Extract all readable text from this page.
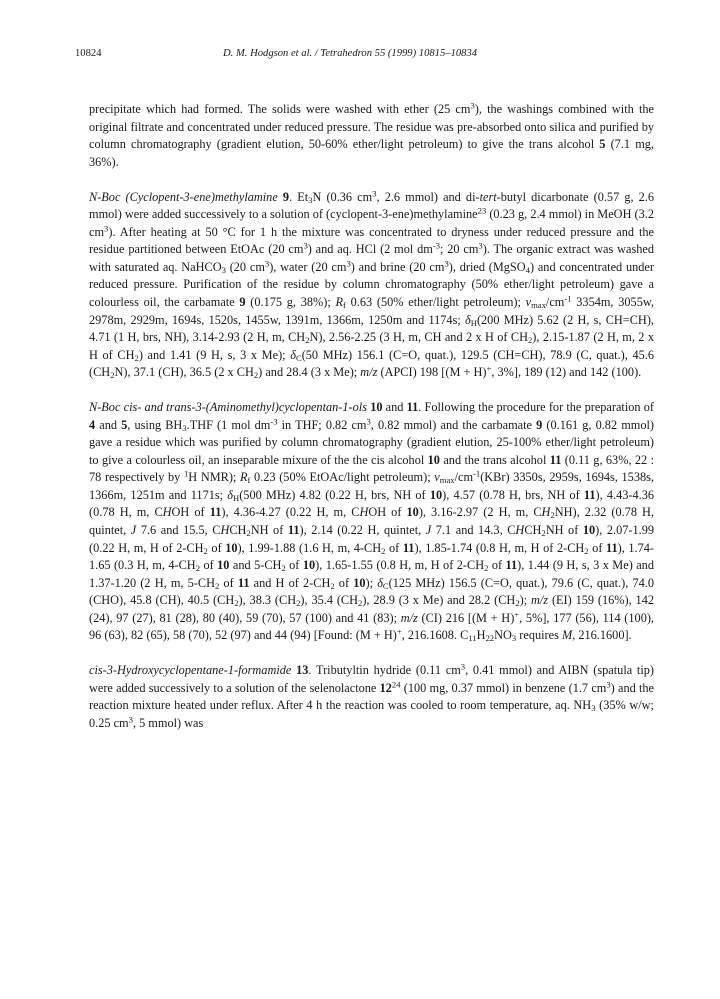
10824	D. M. Hodgson et al. / Tetrahedron 55 (1999) 10815–10834

precipitate which had formed. The solids were washed with ether (25 $cm^3$), the washings combined with the original filtrate and concentrated under reduced pressure. The residue was pre-absorbed onto silica and purified by column chromatography (gradient elution, 50-60% ether/light petroleum) to give the trans alcohol 5 (7.1 mg, 36%).

N-Boc (Cyclopent-3-ene)methylamine 9. $Et_3N$ (0.36 $cm^3$, 2.6 mmol) and di-tert-butyl dicarbonate (0.57 g, 2.6 mmol) were added successively to a solution of (cyclopent-3-ene)methylamine$^{23}$ (0.23 g, 2.4 mmol) in MeOH (3.2 $cm^3$). After heating at 50 °C for 1 h the mixture was concentrated to dryness under reduced pressure and the residue partitioned between EtOAc (20 $cm^3$) and aq. HCl (2 mol $dm^{-3}$; 20 $cm^3$). The organic extract was washed with saturated aq. NaHCO$_3$ (20 $cm^3$), water (20 $cm^3$) and brine (20 $cm^3$), dried (MgSO$_4$) and concentrated under reduced pressure. Purification of the residue by column chromatography (50% ether/light petroleum) gave a colourless oil, the carbamate 9 (0.175 g, 38%); $R_f$ 0.63 (50% ether/light petroleum); $\nu_{max}/cm^{-1}$ 3354m, 3055w, 2978m, 2929m, 1694s, 1520s, 1455w, 1391m, 1366m, 1250m and 1174s; $\delta_H(200$ MHz) 5.62 (2 H, s, CH=CH), 4.71 (1 H, brs, NH), 3.14-2.93 (2 H, m, $CH_2N$), 2.56-2.25 (3 H, m, CH and 2 x H of $CH_2$), 2.15-1.87 (2 H, m, 2 x H of $CH_2$) and 1.41 (9 H, s, 3 x Me); $\delta_C(50$ MHz) 156.1 (C=O, quat.), 129.5 (CH=CH), 78.9 (C, quat.), 45.6 $(CH_2N)$, 37.1 (CH), 36.5 (2 x $CH_2$) and 28.4 (3 x Me); m/z (APCI) 198 [(M + H)+, 3%], 189 (12) and 142 (100).

N-Boc cis- and trans-3-(Aminomethyl)cyclopentan-1-ols 10 and 11. Following the procedure for the preparation of 4 and 5, using $BH_3.THF$ (1 mol $dm^{-3}$ in THF; 0.82 $cm^3$, 0.82 mmol) and the carbamate 9 (0.161 g, 0.82 mmol) gave a residue which was purified by column chromatography (gradient elution, 25-100% ether/light petroleum) to give a colourless oil, an inseparable mixure of the the cis alcohol 10 and the trans alcohol 11 (0.11 g, 63%, 22 : 78 respectively by $^1$H NMR); $R_f$ 0.23 (50% EtOAc/light petroleum); $\nu_{max}/cm^{-1}(KBr)$ 3350s, 2959s, 1694s, 1538s, 1366m, 1251m and 1171s; $\delta_H(500$ MHz) 4.82 (0.22 H, brs, NH of 10), 4.57 (0.78 H, brs, NH of 11), 4.43-4.36 (0.78 H, m, CHOH of 11), 4.36-4.27 (0.22 H, m, CHOH of 10), 3.16-2.97 (2 H, m, $CH_2NH$), 2.32 (0.78 H, quintet, J 7.6 and 15.5, $CHCH_2NH$ of 11), 2.14 (0.22 H, quintet, J 7.1 and 14.3, $CHCH_2NH$ of 10), 2.07-1.99 (0.22 H, m, H of $2-CH_2$ of 10), 1.99-1.88 (1.6 H, m, $4-CH_2$ of 11), 1.85-1.74 (0.8 H, m, H of $2-CH_2$ of 11), 1.74-1.65 (0.3 H, m, $4-CH_2$ of 10 and $5-CH_2$ of 10), 1.65-1.55 (0.8 H, m, H of $2-CH_2$ of 11), 1.44 (9 H, s, 3 x Me) and 1.37-1.20 (2 H, m, $5-CH_2$ of 11 and H of $2-CH_2$ of 10); $\delta_C(125$ MHz) 156.5 (C=O, quat.), 79.6 (C, quat.), 74.0 (CHO), 45.8 (CH), 40.5 $(CH_2)$, 38.3 $(CH_2)$, 35.4 $(CH_2)$, 28.9 (3 x Me) and 28.2 $(CH_2)$; m/z (EI) 159 (16%), 142 (24), 97 (27), 81 (28), 80 (40), 59 (70), 57 (100) and 41 (83); m/z (CI) 216 [(M + H)+, 5%], 177 (56), 114 (100), 96 (63), 82 (65), 58 (70), 52 (97) and 44 (94) [Found: (M + H)+, 216.1608. $C_{11}H_{22}NO_3$ requires M, 216.1600].

cis-3-Hydroxycyclopentane-1-formamide 13. Tributyltin hydride (0.11 $cm^3$, 0.41 mmol) and AIBN (spatula tip) were added successively to a solution of the selenolactone $12^{24}$ (100 mg, 0.37 mmol) in benzene (1.7 $cm^3$) and the reaction mixture heated under reflux. After 4 h the reaction was cooled to room temperature, aq. $NH_3$ (35% w/w; 0.25 $cm^3$, 5 mmol) was
